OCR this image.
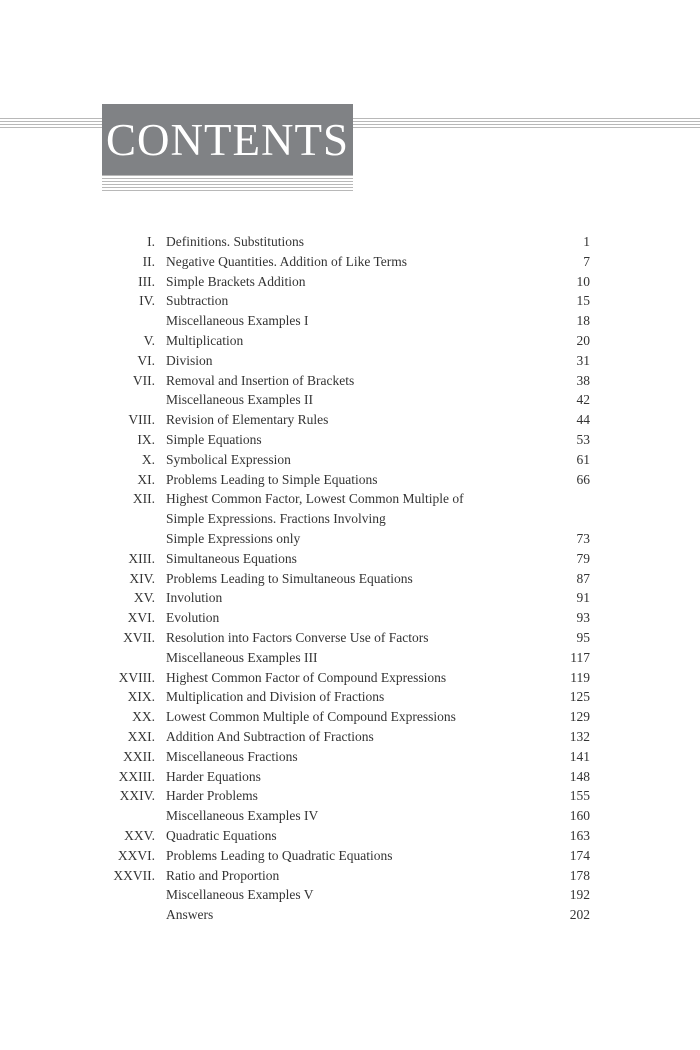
CONTENTS
I. Definitions. Substitutions	1
II. Negative Quantities. Addition of Like Terms	7
III. Simple Brackets Addition	10
IV. Subtraction	15
Miscellaneous Examples I	18
V. Multiplication	20
VI. Division	31
VII. Removal and Insertion of Brackets	38
Miscellaneous Examples II	42
VIII. Revision of Elementary Rules	44
IX. Simple Equations	53
X. Symbolical Expression	61
XI. Problems Leading to Simple Equations	66
XII. Highest Common Factor, Lowest Common Multiple of
Simple Expressions. Fractions Involving
Simple Expressions only	73
XIII. Simultaneous Equations	79
XIV. Problems Leading to Simultaneous Equations	87
XV. Involution	91
XVI. Evolution	93
XVII. Resolution into Factors Converse Use of Factors	95
Miscellaneous Examples III	117
XVIII. Highest Common Factor of Compound Expressions	119
XIX. Multiplication and Division of Fractions	125
XX. Lowest Common Multiple of Compound Expressions	129
XXI. Addition And Subtraction of Fractions	132
XXII. Miscellaneous Fractions	141
XXIII. Harder Equations	148
XXIV. Harder Problems	155
Miscellaneous Examples IV	160
XXV. Quadratic Equations	163
XXVI. Problems Leading to Quadratic Equations	174
XXVII. Ratio and Proportion	178
Miscellaneous Examples V	192
Answers	202
